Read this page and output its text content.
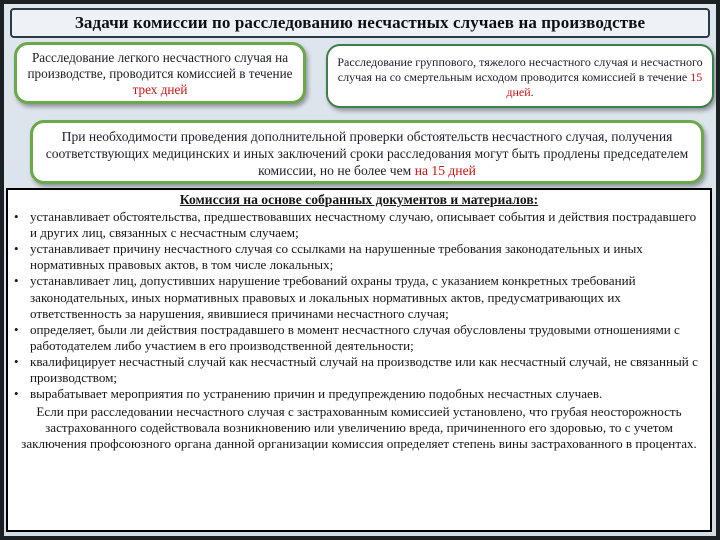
Задачи комиссии по расследованию несчастных случаев на производстве
Расследование легкого несчастного случая на производстве, проводится комиссией в течение трех дней
Расследование группового, тяжелого несчастного случая и несчастного случая на со смертельным исходом проводится комиссией в течение 15 дней.
При необходимости проведения дополнительной проверки обстоятельств несчастного случая, получения соответствующих медицинских и иных заключений сроки расследования могут быть продлены председателем комиссии, но не более чем на 15 дней
Комиссия на основе собранных документов и материалов:
• устанавливает обстоятельства, предшествовавших несчастному случаю, описывает события и действия пострадавшего и других лиц, связанных с несчастным случаем;
• устанавливает причину несчастного случая со ссылками на нарушенные требования законодательных и иных нормативных правовых актов, в том числе локальных;
• устанавливает лиц, допустивших нарушение требований охраны труда, с указанием конкретных требований законодательных, иных нормативных правовых и локальных нормативных актов, предусматривающих их ответственность за нарушения, явившиеся причинами несчастного случая;
• определяет, были ли действия пострадавшего в момент несчастного случая обусловлены трудовыми отношениями с работодателем либо участием в его производственной деятельности;
• квалифицирует несчастный случай как несчастный случай на производстве или как несчастный случай, не связанный с производством;
• вырабатывает мероприятия по устранению причин и предупреждению подобных несчастных случаев.
Если при расследовании несчастного случая с застрахованным комиссией установлено, что грубая неосторожность застрахованного содействовала возникновению или увеличению вреда, причиненного его здоровью, то с учетом заключения профсоюзного органа данной организации комиссия определяет степень вины застрахованного в процентах.
